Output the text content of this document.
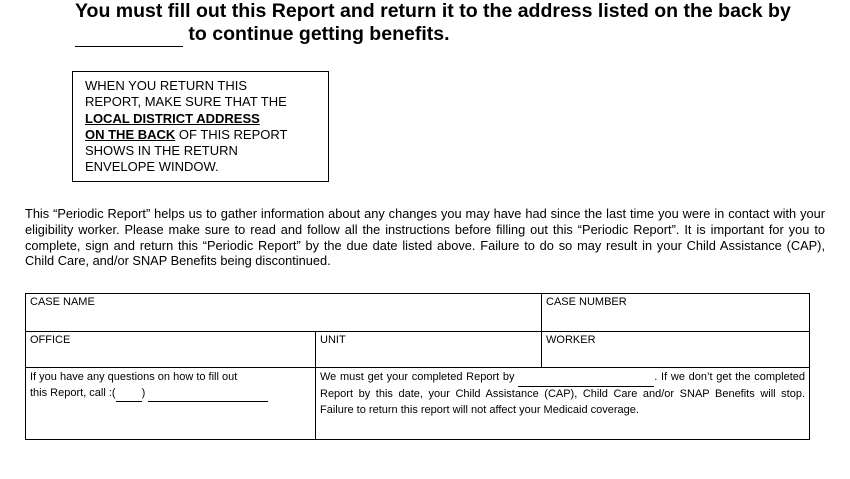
You must fill out this Report and return it to the address listed on the back by
to continue getting benefits.
WHEN YOU RETURN THIS
REPORT, MAKE SURE THAT THE
LOCAL DISTRICT ADDRESS
ON THE BACK OF THIS REPORT
SHOWS IN THE RETURN
ENVELOPE WINDOW.
This “Periodic Report” helps us to gather information about any changes you may have had since the last time you were in contact with your eligibility worker. Please make sure to read and follow all the instructions before filling out this “Periodic Report”. It is important for you to complete, sign and return this “Periodic Report” by the due date listed above. Failure to do so may result in your Child Assistance (CAP), Child Care, and/or SNAP Benefits being discontinued.
CASE NAME		CASE NUMBER

OFFICE	UNIT	WORKER

If you have any questions on how to fill out
this Report, call :( )	We must get your completed Report by . If we don’t get the completed Report by this date, your Child Assistance (CAP), Child Care and/or SNAP Benefits will stop. Failure to return this report will not affect your Medicaid coverage.	
